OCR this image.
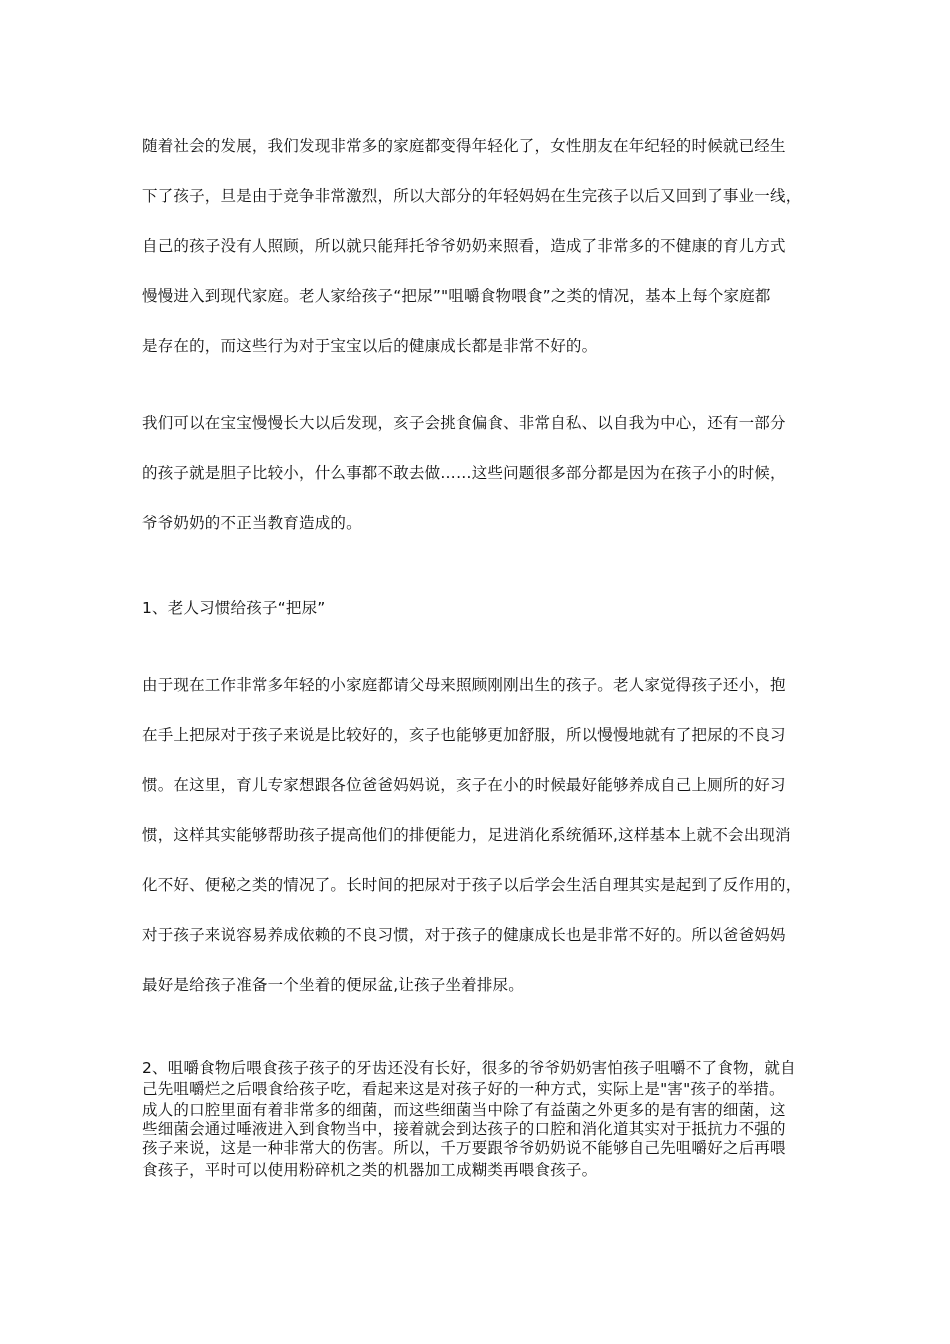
随着社会的发展，我们发现非常多的家庭都变得年轻化了，女性朋友在年纪轻的时候就已经生
下了孩子，旦是由于竞争非常激烈，所以大部分的年轻妈妈在生完孩子以后又回到了事业一线，
自己的孩子没有人照顾，所以就只能拜托爷爷奶奶来照看，造成了非常多的不健康的育儿方式
慢慢进入到现代家庭。老人家给孩子“把尿”"咀嚼食物喂食”之类的情况，基本上每个家庭都
是存在的，而这些行为对于宝宝以后的健康成长都是非常不好的。
我们可以在宝宝慢慢长大以后发现，亥子会挑食偏食、非常自私、以自我为中心，还有一部分
的孩子就是胆子比较小，什么事都不敢去做……这些问题很多部分都是因为在孩子小的时候，
爷爷奶奶的不正当教育造成的。
1、老人习惯给孩子“把尿”
由于现在工作非常多年轻的小家庭都请父母来照顾刚刚出生的孩子。老人家觉得孩子还小，抱
在手上把尿对于孩子来说是比较好的，亥子也能够更加舒服，所以慢慢地就有了把尿的不良习
惯。在这里，育儿专家想跟各位爸爸妈妈说，亥子在小的时候最好能够养成自己上厕所的好习
惯，这样其实能够帮助孩子提高他们的排便能力，足进消化系统循环,这样基本上就不会出现消
化不好、便秘之类的情况了。长时间的把尿对于孩子以后学会生活自理其实是起到了反作用的，
对于孩子来说容易养成依赖的不良习惯，对于孩子的健康成长也是非常不好的。所以爸爸妈妈
最好是给孩子准备一个坐着的便尿盆,让孩子坐着排尿。
2、咀嚼食物后喂食孩子孩子的牙齿还没有长好，很多的爷爷奶奶害怕孩子咀嚼不了食物，就自
己先咀嚼烂之后喂食给孩子吃，看起来这是对孩子好的一种方式，实际上是"害"孩子的举措。
成人的口腔里面有着非常多的细菌，而这些细菌当中除了有益菌之外更多的是有害的细菌，这
些细菌会通过唾液进入到食物当中，接着就会到达孩子的口腔和消化道其实对于抵抗力不强的
孩子来说，这是一种非常大的伤害。所以，千万要跟爷爷奶奶说不能够自己先咀嚼好之后再喂
食孩子，平时可以使用粉碎机之类的机器加工成糊类再喂食孩子。
